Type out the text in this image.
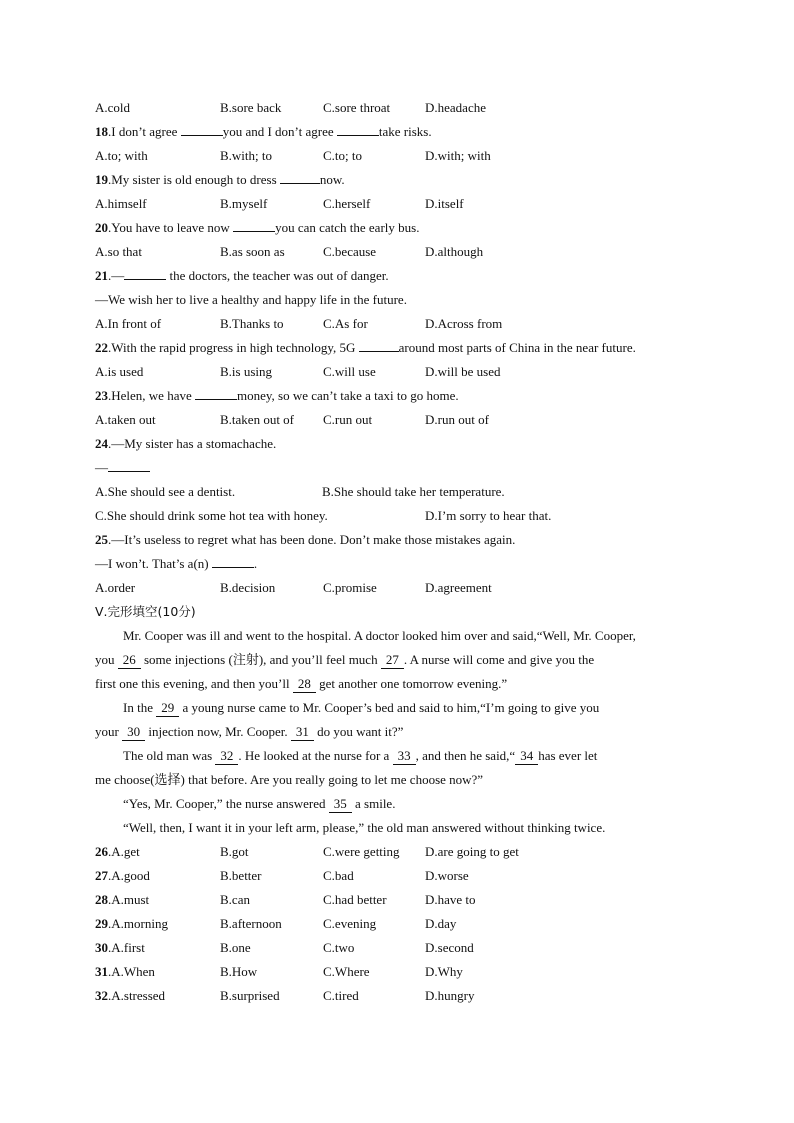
A.cold	B.sore back	C.sore throat	D.headache
18.I don’t agree	you and I don’t agree	take risks.
A.to; with	B.with; to	C.to; to	D.with; with
19.My sister is old enough to dress	now.
A.himself	B.myself	C.herself	D.itself
20.You have to leave now	you can catch the early bus.
A.so that	B.as soon as	C.because	D.although
21.—	the doctors, the teacher was out of danger.
—We wish her to live a healthy and happy life in the future.
A.In front of	B.Thanks to	C.As for	D.Across from
22.With the rapid progress in high technology, 5G	around most parts of China in the near future.
A.is used	B.is using	C.will use	D.will be used
23.Helen, we have	money, so we can’t take a taxi to go home.
A.taken out	B.taken out of C.run out	D.run out of
24.—My sister has a stomachache.
—
A.She should see a dentist.	B.She should take her temperature.
C.She should drink some hot tea with honey.	D.I’m sorry to hear that.
25.—It’s useless to regret what has been done. Don’t make those mistakes again.
—I won’t. That’s a(n)	.
A.order	B.decision	C.promise	D.agreement
Ⅴ.完形填空(10分)
Mr. Cooper was ill and went to the hospital. A doctor looked him over and said,“Well, Mr. Cooper,
you 26 some injections (注射), and you’ll feel much 27 . A nurse will come and give you the
first one this evening, and then you’ll 28 get another one tomorrow evening.”
In the 29 a young nurse came to Mr. Cooper’s bed and said to him,“I’m going to give you
your 30 injection now, Mr. Cooper. 31 do you want it?”
The old man was 32 . He looked at the nurse for a 33 , and then he said,“ 34 has ever let
me choose(选择) that before. Are you really going to let me choose now?”
“Yes, Mr. Cooper,” the nurse answered 35 a smile.
“Well, then, I want it in your left arm, please,” the old man answered without thinking twice.
26.A.get	B.got	C.were getting D.are going to get
27.A.good	B.better	C.bad	D.worse
28.A.must	B.can	C.had better	D.have to
29.A.morning	B.afternoon	C.evening	D.day
30.A.first	B.one	C.two	D.second
31.A.When	B.How	C.Where	D.Why
32.A.stressed	B.surprised	C.tired	D.hungry
